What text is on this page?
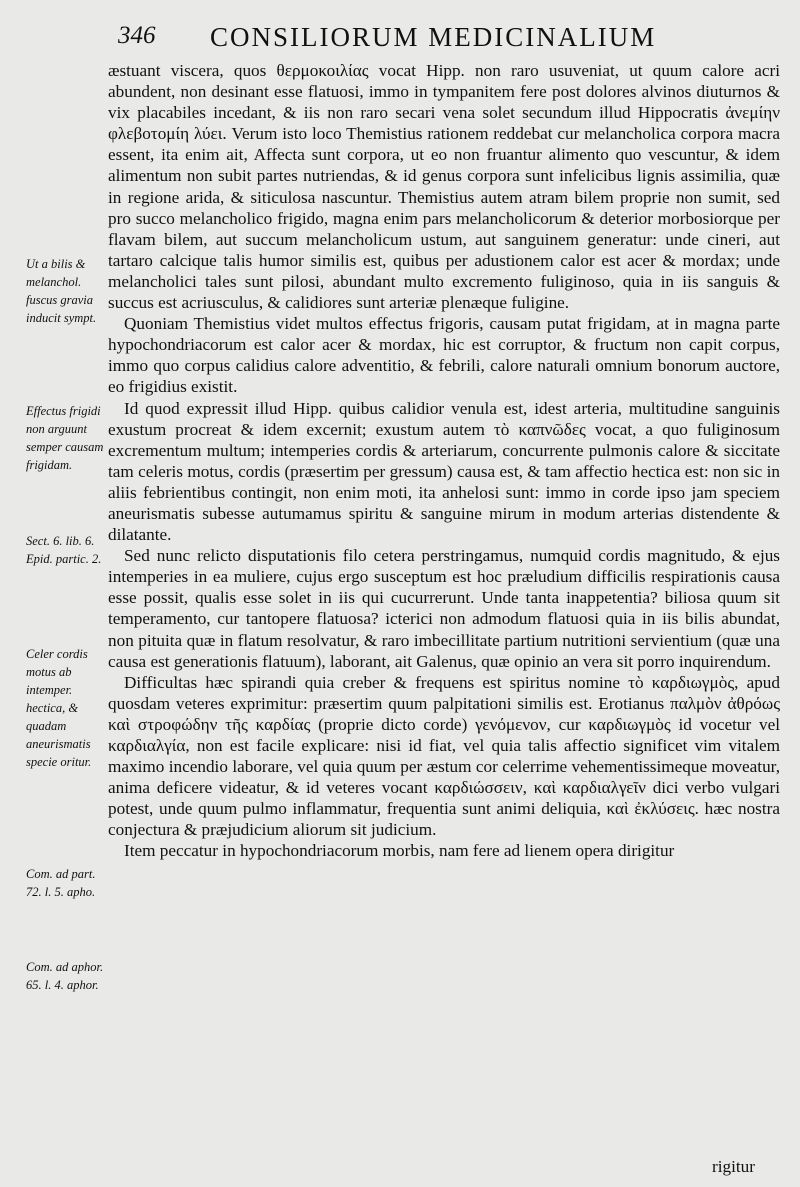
346 CONSILIORUM MEDICINALIUM

æstuant viscera, quos θερμοκοιλίας vocat Hipp. non raro usuveniat, ut quum calore acri abundent, non desinant esse flatuosi, immo in tympanitem fere post dolores alvinos diuturnos & vix placabiles incedant, & iis non raro secari vena solet secundum illud Hippocratis ἀνεμίην φλεβοτομίη λύει. Verum isto loco Themistius rationem reddebat cur melancholica corpora macra essent, ita enim ait, Affecta sunt corpora, ut eo non fruantur alimento quo vescuntur, & idem alimentum non subit partes nutriendas, & id genus corpora sunt infelicibus lignis assimilia, quæ in regione arida, & siticulosa nascuntur. Themistius autem atram bilem proprie non sumit, sed pro succo melancholico frigido, magna enim pars melancholicorum & deterior morbosiorque per flavam bilem, aut succum melancholicum ustum, aut sanguinem generatur: unde cineri, aut tartaro calcique talis humor similis est, quibus per adustionem calor est acer & mordax; unde melancholici tales sunt pilosi, abundant multo excremento fuliginoso, quia in iis sanguis & succus est acriusculus, & calidiores sunt arteriæ plenæque fuligine.

Quoniam Themistius videt multos effectus frigoris, causam putat frigidam, at in magna parte hypochondriacorum est calor acer & mordax, hic est corruptor, & fructum non capit corpus, immo quo corpus calidius calore adventitio, & febrili, calore naturali omnium bonorum auctore, eo frigidius existit.

Id quod expressit illud Hipp. quibus calidior venula est, idest arteria, multitudine sanguinis exustum procreat & idem excernit; exustum autem τὸ καπνῶδες vocat, a quo fuliginosum excrementum multum; intemperies cordis & arteriarum, concurrente pulmonis calore & siccitate tam celeris motus, cordis (præsertim per gressum) causa est, & tam affectio hectica est: non sic in aliis febrientibus contingit, non enim moti, ita anhelosi sunt: immo in corde ipso jam speciem aneurismatis subesse autumamus spiritu & sanguine mirum in modum arterias distendente & dilatante.

Sed nunc relicto disputationis filo cetera perstringamus, numquid cordis magnitudo, & ejus intemperies in ea muliere, cujus ergo susceptum est hoc præludium difficilis respirationis causa esse possit, qualis esse solet in iis qui cucurrerunt. Unde tanta inappetentia? biliosa quum sit temperamento, cur tantopere flatuosa? icterici non admodum flatuosi quia in iis bilis abundat, non pituita quæ in flatum resolvatur, & raro imbecillitate partium nutritioni servientium (quæ una causa est generationis flatuum), laborant, ait Galenus, quæ opinio an vera sit porro inquirendum.

Difficultas hæc spirandi quia creber & frequens est spiritus nomine τὸ καρδιωγμὸς, apud quosdam veteres exprimitur: præsertim quum palpitationi similis est. Erotianus παλμὸν ἀθρόως καὶ στροφώδην τῆς καρδίας (proprie dicto corde) γενόμενον, cur καρδιωγμὸς id vocetur vel καρδιαλγία, non est facile explicare: nisi id fiat, vel quia talis affectio significet vim vitalem maximo incendio laborare, vel quia quum per æstum cor celerrime vehementissimeque moveatur, anima deficere videatur, & id veteres vocant καρδιώσσειν, καὶ καρδιαλγεῖν dici verbo vulgari potest, unde quum pulmo inflammatur, frequentia sunt animi deliquia, καὶ ἐκλύσεις. hæc nostra conjectura & præjudicium aliorum sit judicium.

Item peccatur in hypochondriacorum morbis, nam fere ad lienem opera dirigitur

rigitur
Ut a bilis & melanchol. fuscus gravia inducit sympt.
Effectus frigidi non arguunt semper causam frigidam.
Sect. 6. lib. 6. Epid. partic. 2.
Celer cordis motus ab intemper. hectica, & quadam aneurismatis specie oritur.
Com. ad part. 72. l. 5. apho.
Com. ad aphor. 65. l. 4. aphor.
